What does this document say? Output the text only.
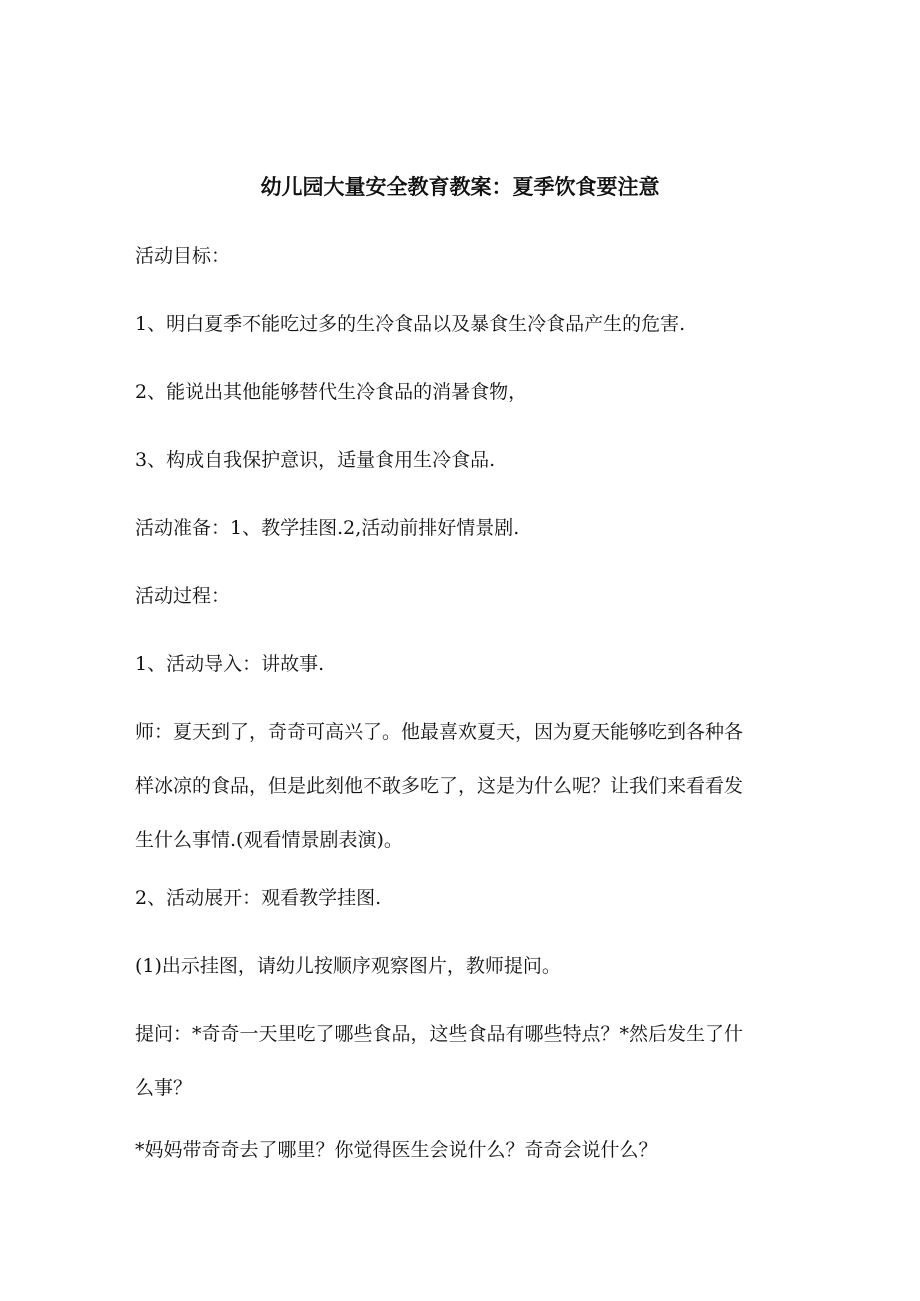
幼儿园大量安全教育教案：夏季饮食要注意
活动目标：
1、明白夏季不能吃过多的生冷食品以及暴食生冷食品产生的危害.
2、能说出其他能够替代生冷食品的消暑食物，
3、构成自我保护意识，适量食用生冷食品.
活动准备：1、教学挂图.2,活动前排好情景剧.
活动过程：
1、活动导入：讲故事.
师：夏天到了，奇奇可高兴了。他最喜欢夏天，因为夏天能够吃到各种各
样冰凉的食品，但是此刻他不敢多吃了，这是为什么呢？让我们来看看发
生什么事情.(观看情景剧表演)。
2、活动展开：观看教学挂图.
(1)出示挂图，请幼儿按顺序观察图片，教师提问。
提问：*奇奇一天里吃了哪些食品，这些食品有哪些特点？*然后发生了什
么事？
*妈妈带奇奇去了哪里？你觉得医生会说什么？奇奇会说什么？
